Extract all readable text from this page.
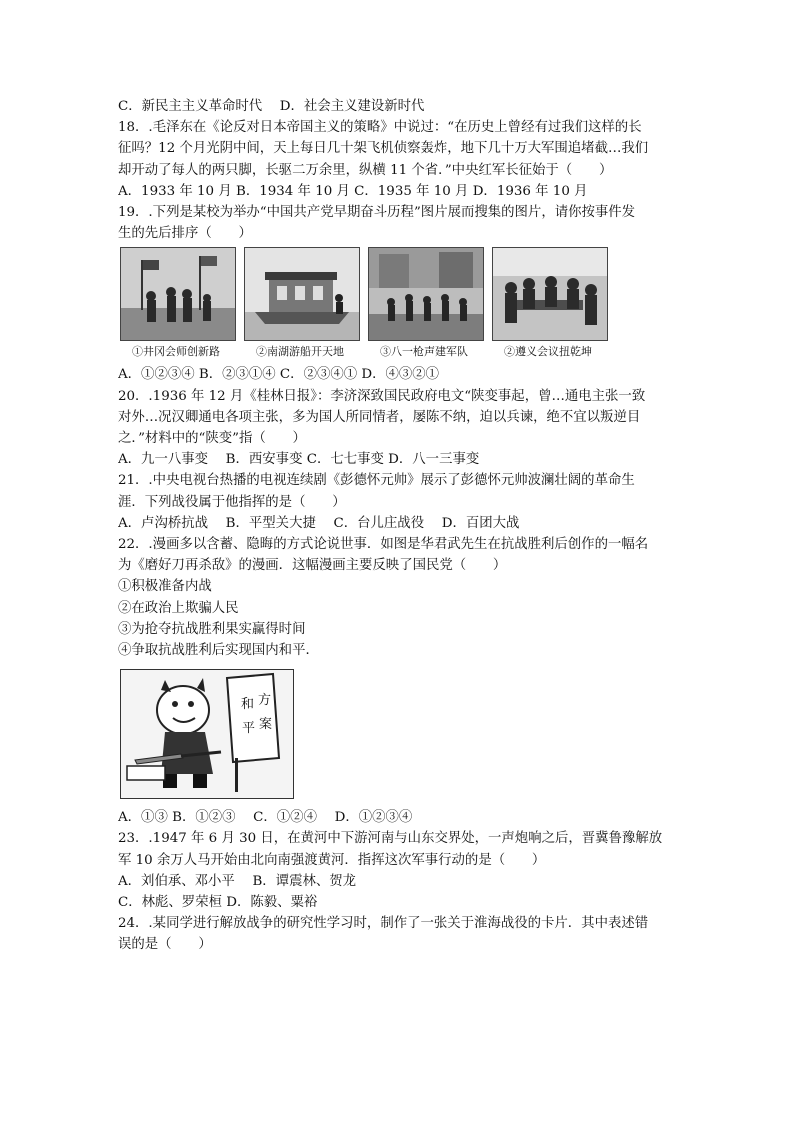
C．新民主主义革命时代　 D．社会主义建设新时代
18．.毛泽东在《论反对日本帝国主义的策略》中说过：“在历史上曾经有过我们这样的长
征吗？12 个月光阴中间，天上每日几十架飞机侦察轰炸，地下几十万大军围追堵截…我们
却开动了每人的两只脚，长驱二万余里，纵横 11 个省．”中央红军长征始于（　　）
A．1933 年 10 月 B．1934 年 10 月 C．1935 年 10 月 D．1936 年 10 月
19．.下列是某校为举办“中国共产党早期奋斗历程”图片展而搜集的图片，请你按事件发
生的先后排序（　　）
①井冈会师创新路	②南湖游船开天地	③八一枪声建军队	②遵义会议扭乾坤
A．①②③④ B．②③①④ C．②③④① D．④③②①
20．.1936 年 12 月《桂林日报》：李济深致国民政府电文“陕变事起，曾…通电主张一致
对外…况汉卿通电各项主张，多为国人所同情者，屡陈不纳，迫以兵谏，绝不宜以叛逆目
之．”材料中的“陕变”指（　　）
A．九一八事变　 B．西安事变 C．七七事变 D．八一三事变
21．.中央电视台热播的电视连续剧《彭德怀元帅》展示了彭德怀元帅波澜壮阔的革命生
涯．下列战役属于他指挥的是（　　）
A．卢沟桥抗战　 B．平型关大捷　 C．台儿庄战役　 D．百团大战
22．.漫画多以含蓄、隐晦的方式论说世事．如图是华君武先生在抗战胜利后创作的一幅名
为《磨好刀再杀敌》的漫画．这幅漫画主要反映了国民党（　　）
①积极准备内战
②在政治上欺骗人民
③为抢夺抗战胜利果实赢得时间
④争取抗战胜利后实现国内和平．
和 方
平 案
A．①③ B．①②③　 C．①②④　 D．①②③④
23．.1947 年 6 月 30 日，在黄河中下游河南与山东交界处，一声炮响之后，晋冀鲁豫解放
军 10 余万人马开始由北向南强渡黄河．指挥这次军事行动的是（　　）
A．刘伯承、邓小平　 B．谭震林、贺龙
C．林彪、罗荣桓 D．陈毅、粟裕
24．.某同学进行解放战争的研究性学习时，制作了一张关于淮海战役的卡片．其中表述错
误的是（　　）
